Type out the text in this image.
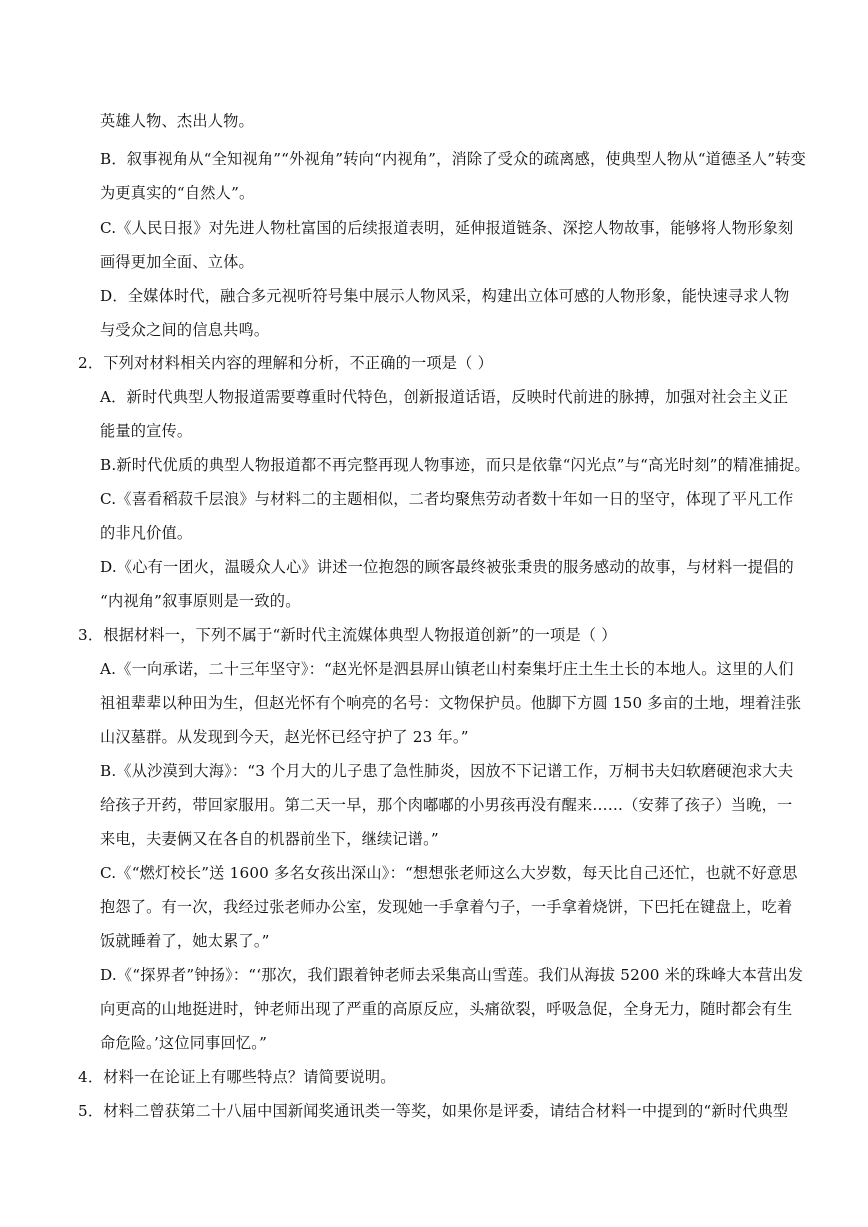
英雄人物、杰出人物。
B．叙事视角从“全知视角”“外视角”转向“内视角”，消除了受众的疏离感，使典型人物从“道德圣人”转变
为更真实的“自然人”。
C.《人民日报》对先进人物杜富国的后续报道表明，延伸报道链条、深挖人物故事，能够将人物形象刻
画得更加全面、立体。
D．全媒体时代，融合多元视听符号集中展示人物风采，构建出立体可感的人物形象，能快速寻求人物
与受众之间的信息共鸣。
2．下列对材料相关内容的理解和分析，不正确的一项是（ ）
A．新时代典型人物报道需要尊重时代特色，创新报道话语，反映时代前进的脉搏，加强对社会主义正
能量的宣传。
B.新时代优质的典型人物报道都不再完整再现人物事迹，而只是依靠“闪光点”与“高光时刻”的精准捕捉。
C.《喜看稻菽千层浪》与材料二的主题相似，二者均聚焦劳动者数十年如一日的坚守，体现了平凡工作
的非凡价值。
D.《心有一团火，温暖众人心》讲述一位抱怨的顾客最终被张秉贵的服务感动的故事，与材料一提倡的
“内视角”叙事原则是一致的。
3．根据材料一，下列不属于“新时代主流媒体典型人物报道创新”的一项是（ ）
A.《一向承诺，二十三年坚守》：“赵光怀是泗县屏山镇老山村秦集圩庄土生土长的本地人。这里的人们
祖祖辈辈以种田为生，但赵光怀有个响亮的名号：文物保护员。他脚下方圆 150 多亩的土地，埋着洼张
山汉墓群。从发现到今天，赵光怀已经守护了 23 年。”
B.《从沙漠到大海》：“3 个月大的儿子患了急性肺炎，因放不下记谱工作，万桐书夫妇软磨硬泡求大夫
给孩子开药，带回家服用。第二天一早，那个肉嘟嘟的小男孩再没有醒来……（安葬了孩子）当晚，一
来电，夫妻俩又在各自的机器前坐下，继续记谱。”
C.《“燃灯校长”送 1600 多名女孩出深山》：“想想张老师这么大岁数，每天比自己还忙，也就不好意思
抱怨了。有一次，我经过张老师办公室，发现她一手拿着勺子，一手拿着烧饼，下巴托在键盘上，吃着
饭就睡着了，她太累了。”
D.《“探界者”钟扬》：“‘那次，我们跟着钟老师去采集高山雪莲。我们从海拔 5200 米的珠峰大本营出发
向更高的山地挺进时，钟老师出现了严重的高原反应，头痛欲裂，呼吸急促，全身无力，随时都会有生
命危险。’这位同事回忆。”
4．材料一在论证上有哪些特点？请简要说明。
5．材料二曾获第二十八届中国新闻奖通讯类一等奖，如果你是评委，请结合材料一中提到的“新时代典型
